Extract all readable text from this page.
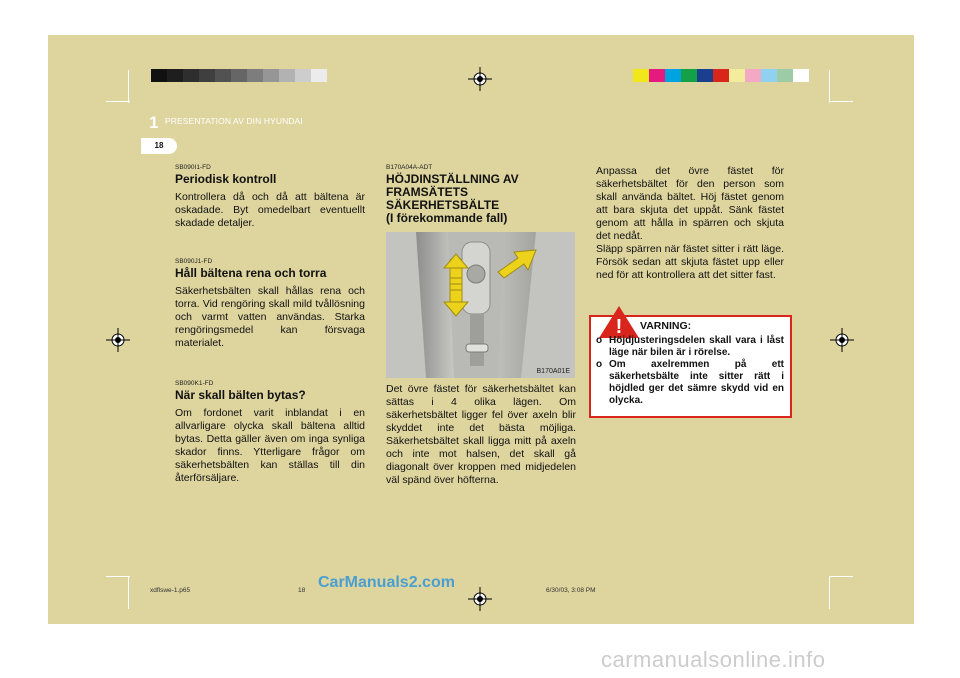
1 PRESENTATION AV DIN HYUNDAI
18
SB090I1-FD
Periodisk kontroll

Kontrollera då och då att bältena är oskadade. Byt omedelbart eventuellt skadade detaljer.

SB090J1-FD
Håll bältena rena och torra

Säkerhetsbälten skall hållas rena och torra. Vid rengöring skall mild tvållösning och varmt vatten användas. Starka rengöringsmedel kan försvaga materialet.

SB090K1-FD
När skall bälten bytas?

Om fordonet varit inblandat i en allvarligare olycka skall bältena alltid bytas. Detta gäller även om inga synliga skador finns. Ytterligare frågor om säkerhetsbälten kan ställas till din återförsäljare.

B170A04A-ADT
HÖJDINSTÄLLNING AV
FRAMSÄTETS
SÄKERHETSBÄLTE
(I förekommande fall)
B170A01E

Det övre fästet för säkerhetsbältet kan sättas i 4 olika lägen. Om säkerhetsbältet ligger fel över axeln blir skyddet inte det bästa möjliga. Säkerhetsbältet skall ligga mitt på axeln och inte mot halsen, det skall gå diagonalt över kroppen med midjedelen väl spänd över höfterna.

Anpassa det övre fästet för säkerhetsbältet för den person som skall använda bältet. Höj fästet genom att bara skjuta det uppåt. Sänk fästet genom att hålla in spärren och skjuta det nedåt.

Släpp spärren när fästet sitter i rätt läge. Försök sedan att skjuta fästet upp eller ned för att kontrollera att det sitter fast.

! VARNING:
o Höjdjusteringsdelen skall vara i låst läge när bilen är i rörelse.
o Om axelremmen på ett säkerhetsbälte inte sitter rätt i höjdled ger det sämre skydd vid en olycka.
xdflswe-1.p65	18	6/30/03, 3:08 PM
CarManuals2.com
carmanualsonline.info
